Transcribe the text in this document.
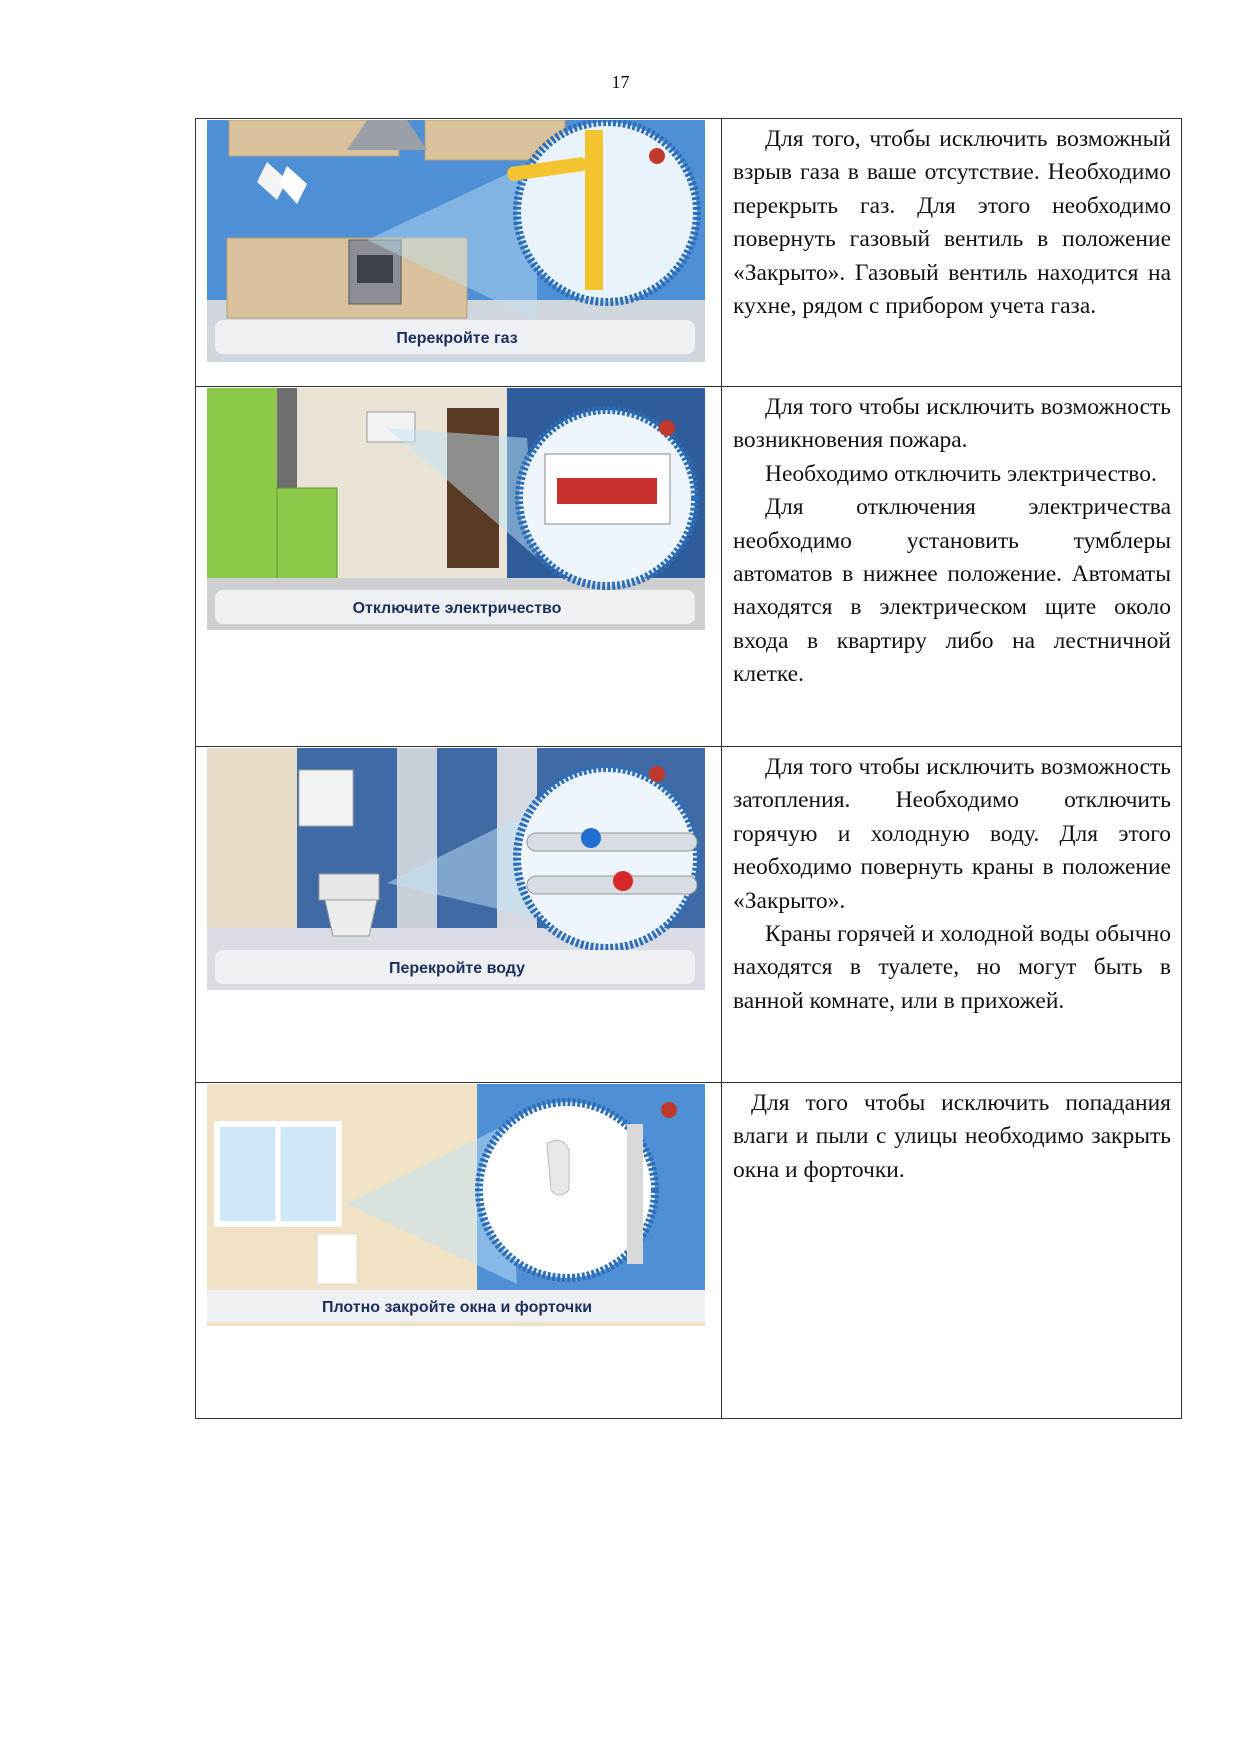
17
Перекройте газ	Для того, чтобы исключить возможный взрыв газа в ваше отсутствие. Необходимо перекрыть газ. Для этого необходимо повернуть газовый вентиль в положение «Закрыто». Газовый вентиль находится на кухне, рядом с прибором учета газа.

Отключите электричество	Для того чтобы исключить возможность возникновения пожара.

Необходимо отключить электричество.

Для отключения электричества необходимо установить тумблеры автоматов в нижнее положение. Автоматы находятся в электрическом щите около входа в квартиру либо на лестничной клетке.

Перекройте воду	Для того чтобы исключить возможность затопления. Необходимо отключить горячую и холодную воду. Для этого необходимо повернуть краны в положение «Закрыто».

Краны горячей и холодной воды обычно находятся в туалете, но могут быть в ванной комнате, или в прихожей.

Плотно закройте окна и форточки	Для того чтобы исключить попадания влаги и пыли с улицы необходимо закрыть окна и форточки.
